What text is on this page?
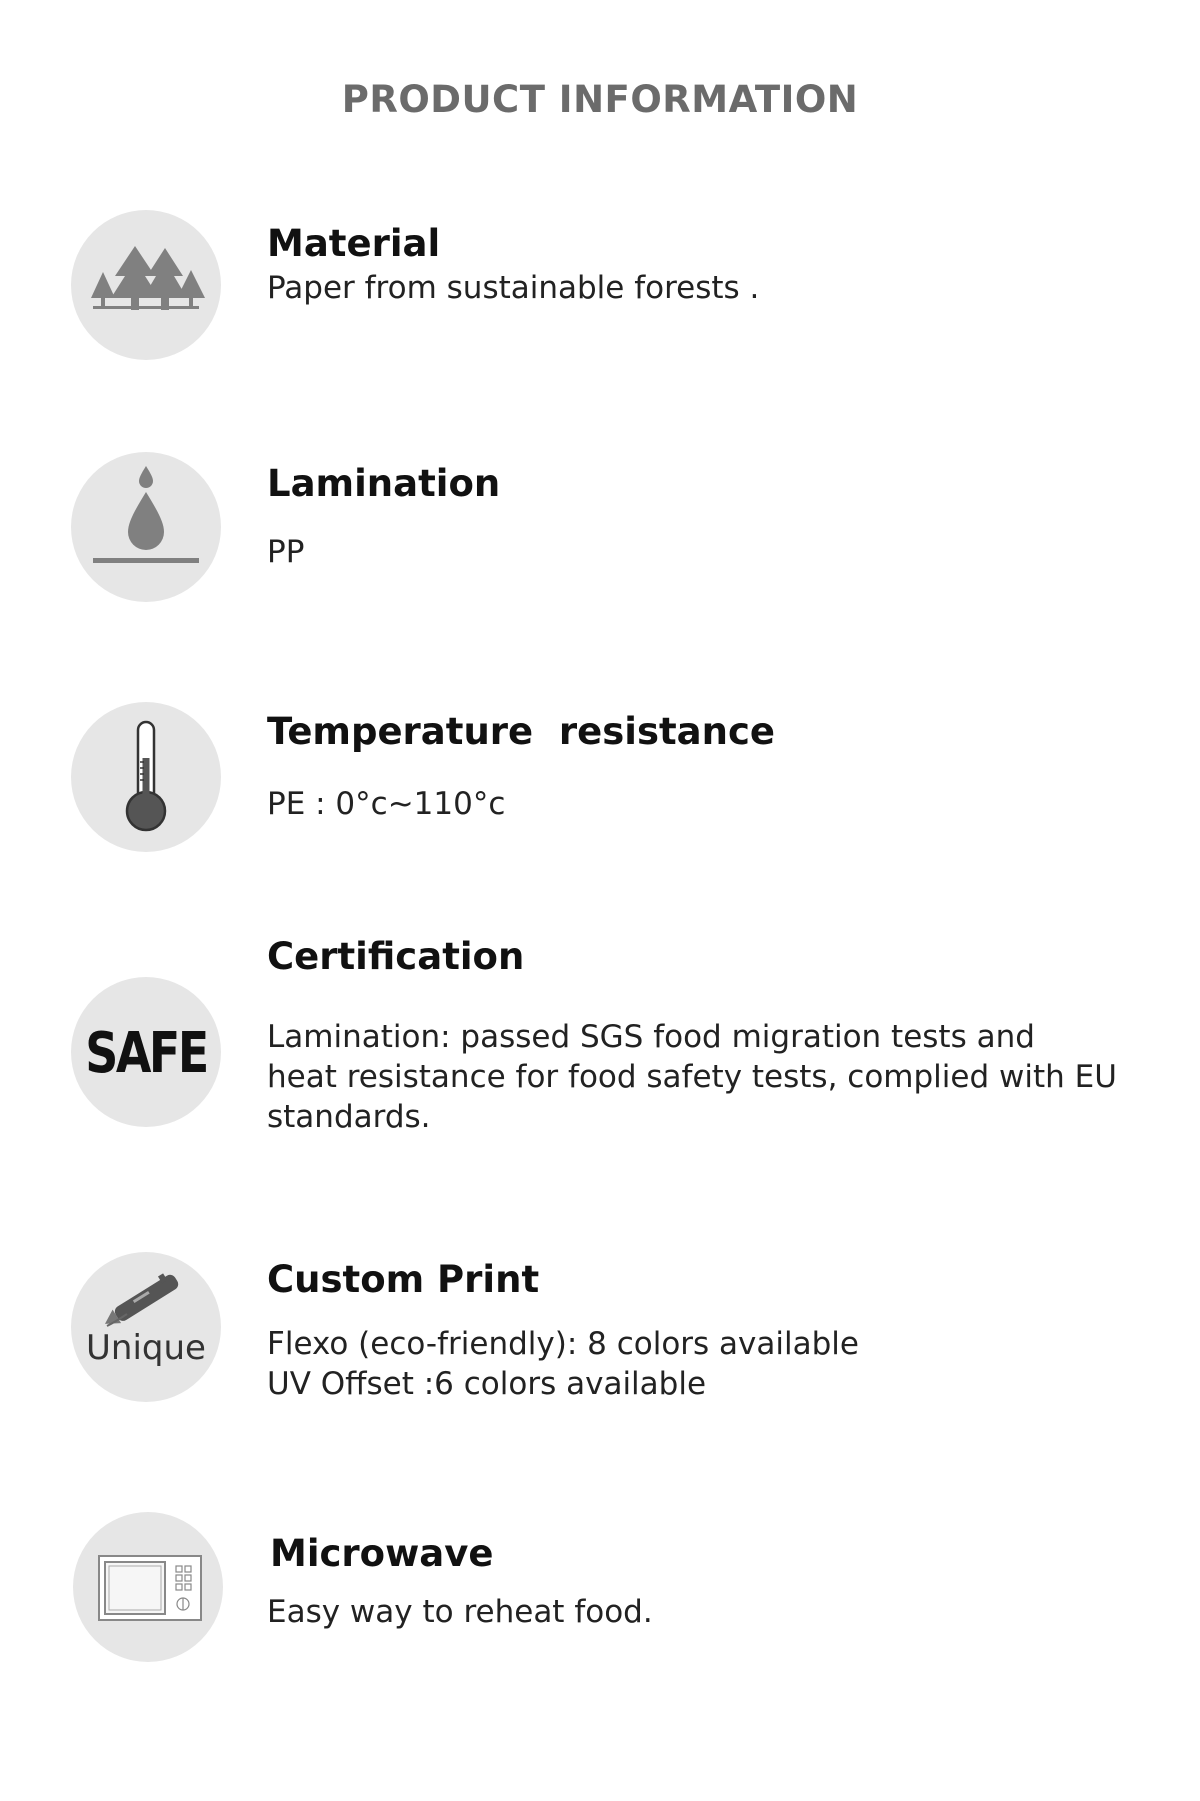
PRODUCT INFORMATION
Material

Paper from sustainable forests .

Lamination

PP

Temperature  resistance

PE : 0°c~110°c

SAFE
Certification

Lamination: passed SGS food migration tests and

heat resistance for food safety tests, complied with EU

standards.

Unique
Custom Print

Flexo (eco-friendly): 8 colors available

UV Offset :6 colors available

Microwave

Easy way to reheat food.
